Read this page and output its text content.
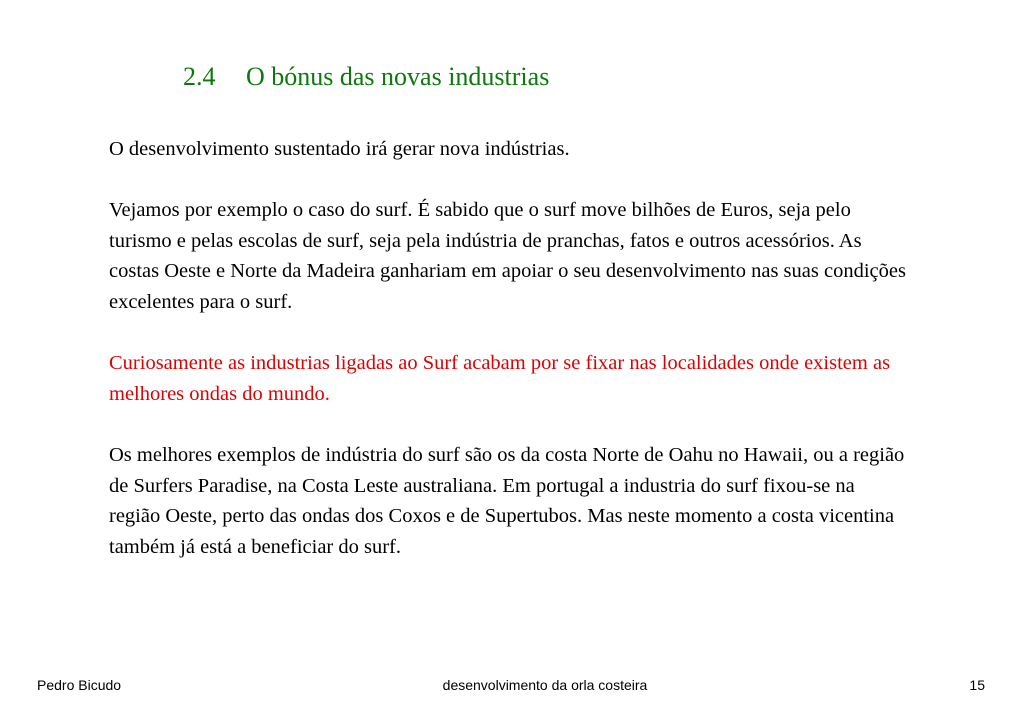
2.4 O bónus das novas industrias

O desenvolvimento sustentado irá gerar nova indústrias.

Vejamos por exemplo o caso do surf. É sabido que o surf move bilhões de Euros, seja pelo turismo e pelas escolas de surf, seja pela indústria de pranchas, fatos e outros acessórios. As costas Oeste e Norte da Madeira ganhariam em apoiar o seu desenvolvimento nas suas condições excelentes para o surf.

Curiosamente as industrias ligadas ao Surf acabam por se fixar nas localidades onde existem as melhores ondas do mundo.

Os melhores exemplos de indústria do surf são os da costa Norte de Oahu no Hawaii, ou a região de Surfers Paradise, na Costa Leste australiana. Em portugal a industria do surf fixou-se na região Oeste, perto das ondas dos Coxos e de Supertubos. Mas neste momento a costa vicentina também já está a beneficiar do surf.

Pedro Bicudo	desenvolvimento da orla costeira	15
